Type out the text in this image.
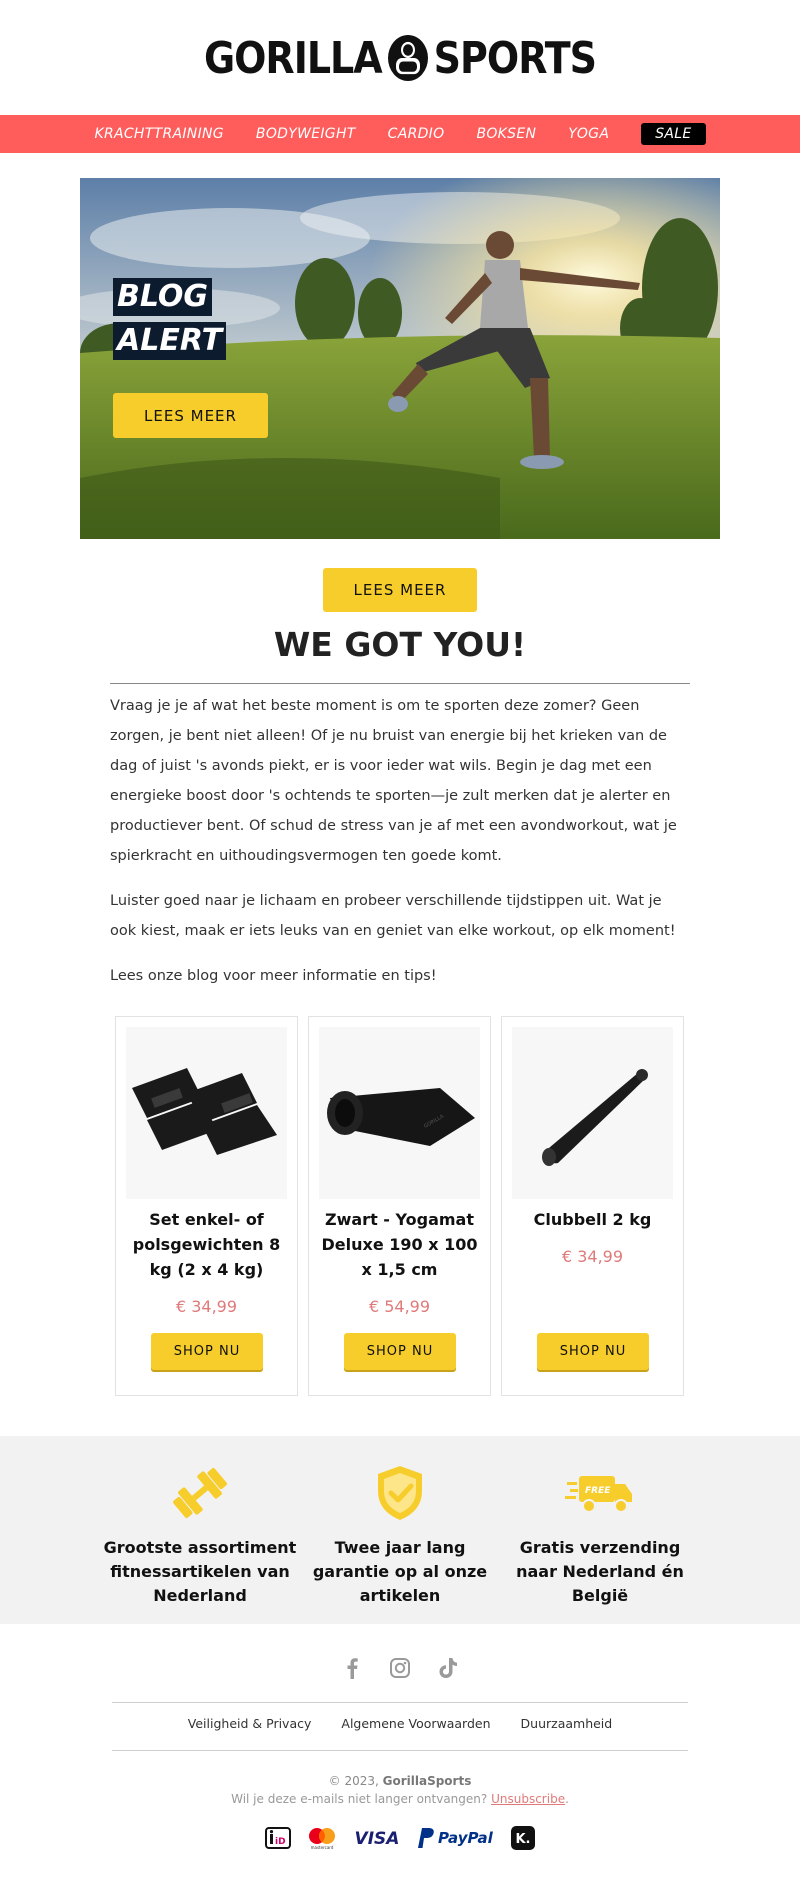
GORILLA SPORTS
KRACHTTRAINING BODYWEIGHT CARDIO BOKSEN YOGA	SALE
BLOG
ALERT
LEES MEER
LEES MEER
WE GOT YOU!

Vraag je je af wat het beste moment is om te sporten deze zomer? Geen zorgen, je bent niet alleen! Of je nu bruist van energie bij het krieken van de dag of juist 's avonds piekt, er is voor ieder wat wils. Begin je dag met een energieke boost door 's ochtends te sporten—je zult merken dat je alerter en productiever bent. Of schud de stress van je af met een avondworkout, wat je spierkracht en uithoudingsvermogen ten goede komt.

Luister goed naar je lichaam en probeer verschillende tijdstippen uit. Wat je ook kiest, maak er iets leuks van en geniet van elke workout, op elk moment!

Lees onze blog voor meer informatie en tips!

Set enkel- of polsgewichten 8 kg (2 x 4 kg)
€ 34,99
SHOP NU
GORILLA
Zwart - Yogamat Deluxe 190 x 100 x 1,5 cm
€ 54,99
SHOP NU
Clubbell 2 kg
€ 34,99
SHOP NU
Grootste assortiment fitnessartikelen van Nederland
Twee jaar lang garantie op al onze artikelen
FREE
Gratis verzending naar Nederland én België
Veiligheid & Privacy Algemene Voorwaarden Duurzaamheid
© 2023, GorillaSports
Wil je deze e-mails niet langer ontvangen? Unsubscribe.
iD
mastercard VISA	PayPal K.
